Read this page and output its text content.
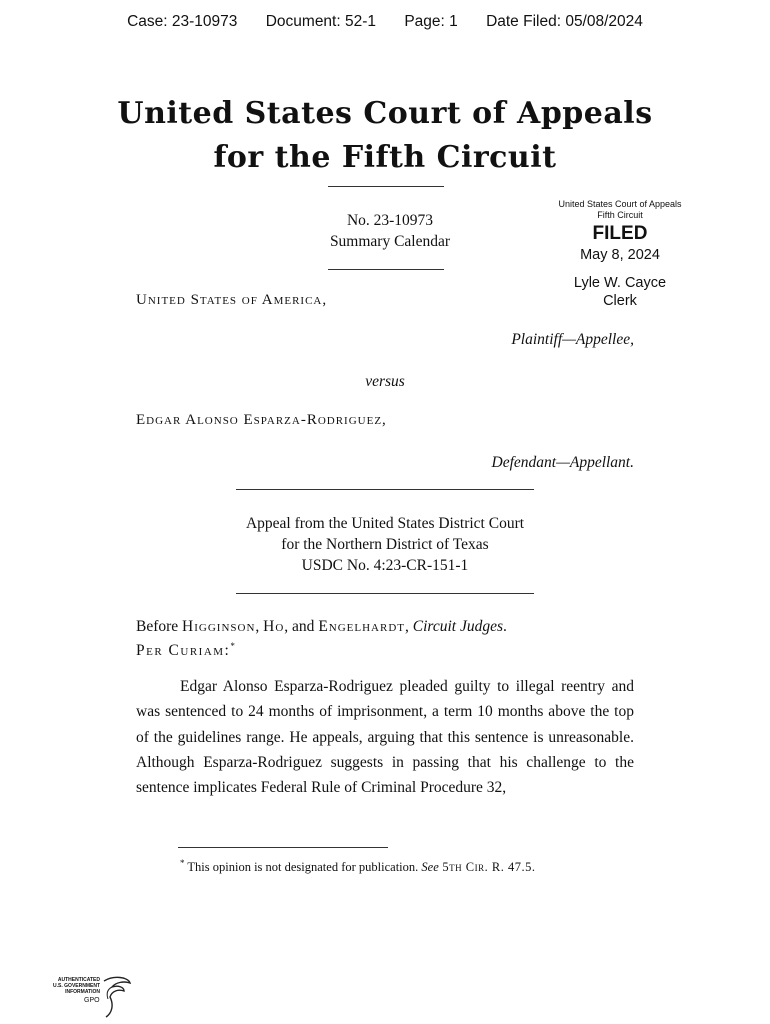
Case: 23-10973 Document: 52-1 Page: 1 Date Filed: 05/08/2024
United States Court of Appeals
for the Fifth Circuit
No. 23-10973
Summary Calendar
United States Court of Appeals
Fifth Circuit
FILED
May 8, 2024
Lyle W. Cayce
Clerk
United States of America,
Plaintiff—Appellee,
versus
Edgar Alonso Esparza-Rodriguez,
Defendant—Appellant.
Appeal from the United States District Court
for the Northern District of Texas
USDC No. 4:23-CR-151-1
Before Higginson, Ho, and Engelhardt, Circuit Judges.
Per Curiam:*
Edgar Alonso Esparza-Rodriguez pleaded guilty to illegal reentry and was sentenced to 24 months of imprisonment, a term 10 months above the top of the guidelines range. He appeals, arguing that this sentence is unreasonable. Although Esparza-Rodriguez suggests in passing that his challenge to the sentence implicates Federal Rule of Criminal Procedure 32,
* This opinion is not designated for publication. See 5th Cir. R. 47.5.
AUTHENTICATED
U.S. GOVERNMENT
INFORMATION
GPO
